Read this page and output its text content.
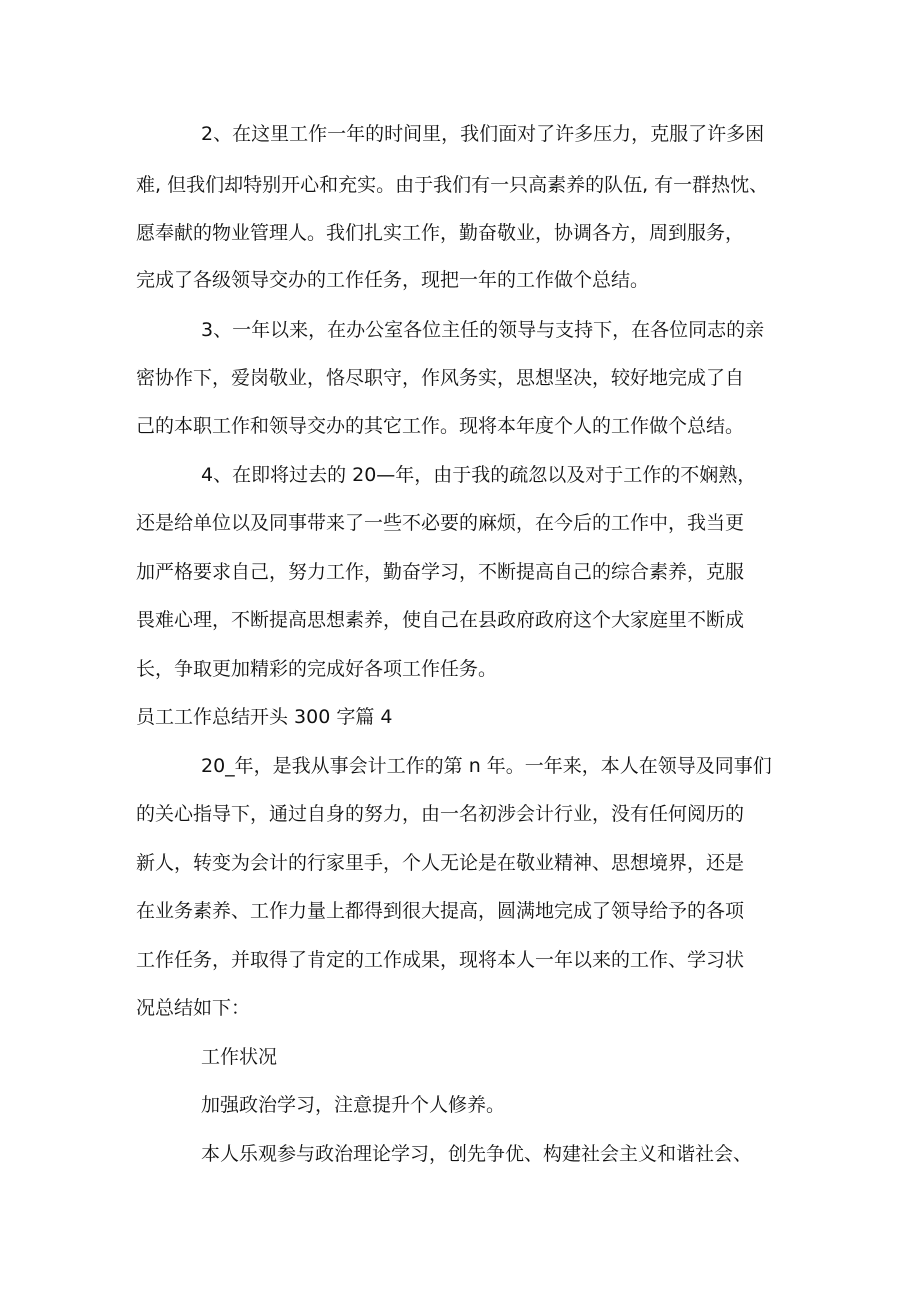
2、在这里工作一年的时间里，我们面对了许多压力，克服了许多困

难, 但我们却特别开心和充实。由于我们有一只高素养的队伍, 有一群热忱、

愿奉献的物业管理人。我们扎实工作，勤奋敬业，协调各方，周到服务，

完成了各级领导交办的工作任务，现把一年的工作做个总结。

3、一年以来，在办公室各位主任的领导与支持下，在各位同志的亲

密协作下，爱岗敬业，恪尽职守，作风务实，思想坚决，较好地完成了自

己的本职工作和领导交办的其它工作。现将本年度个人的工作做个总结。

4、在即将过去的 20—年，由于我的疏忽以及对于工作的不娴熟，

还是给单位以及同事带来了一些不必要的麻烦，在今后的工作中，我当更

加严格要求自己，努力工作，勤奋学习，不断提高自己的综合素养，克服

畏难心理，不断提高思想素养，使自己在县政府政府这个大家庭里不断成

长，争取更加精彩的完成好各项工作任务。

员工工作总结开头 300 字篇 4

20_年，是我从事会计工作的第 n 年。一年来，本人在领导及同事们

的关心指导下，通过自身的努力，由一名初涉会计行业，没有任何阅历的

新人，转变为会计的行家里手，个人无论是在敬业精神、思想境界，还是

在业务素养、工作力量上都得到很大提高，圆满地完成了领导给予的各项

工作任务，并取得了肯定的工作成果，现将本人一年以来的工作、学习状

况总结如下：

工作状况

加强政治学习，注意提升个人修养。

本人乐观参与政治理论学习，创先争优、构建社会主义和谐社会、
